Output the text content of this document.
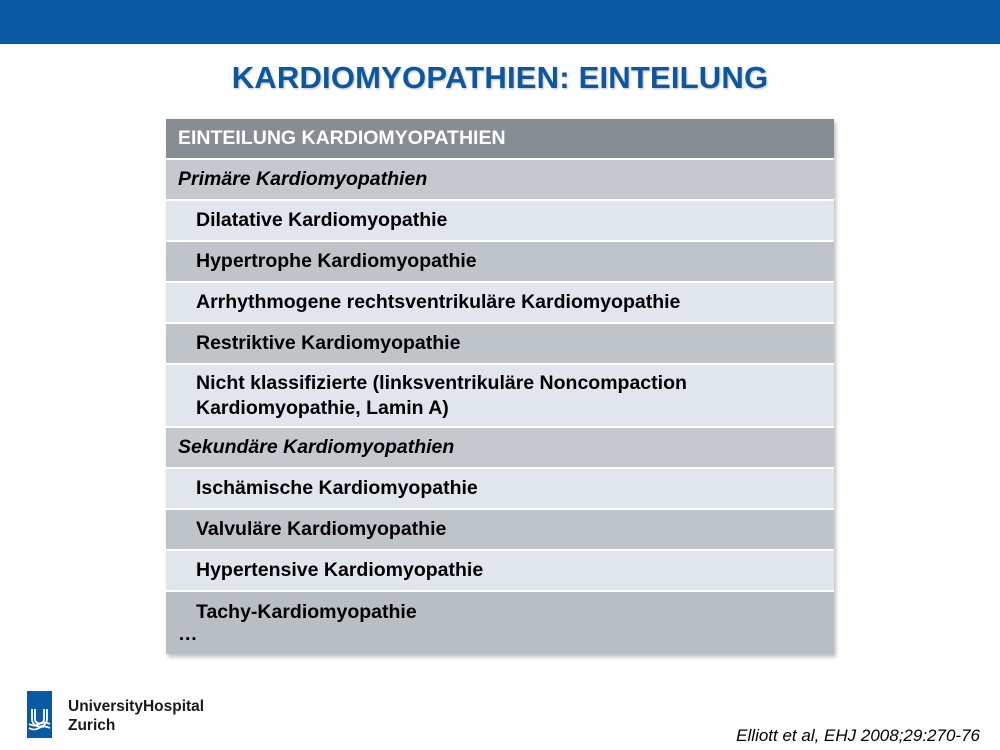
KARDIOMYOPATHIEN: EINTEILUNG
EINTEILUNG KARDIOMYOPATHIEN
Primäre Kardiomyopathien
Dilatative Kardiomyopathie
Hypertrophe Kardiomyopathie
Arrhythmogene rechtsventrikuläre Kardiomyopathie
Restriktive Kardiomyopathie
Nicht klassifizierte (linksventrikuläre Noncompaction Kardiomyopathie, Lamin A)
Sekundäre Kardiomyopathien
Ischämische Kardiomyopathie
Valvuläre Kardiomyopathie
Hypertensive Kardiomyopathie
Tachy-Kardiomyopathie
…
UniversityHospital
Zurich
Elliott et al, EHJ 2008;29:270-76
